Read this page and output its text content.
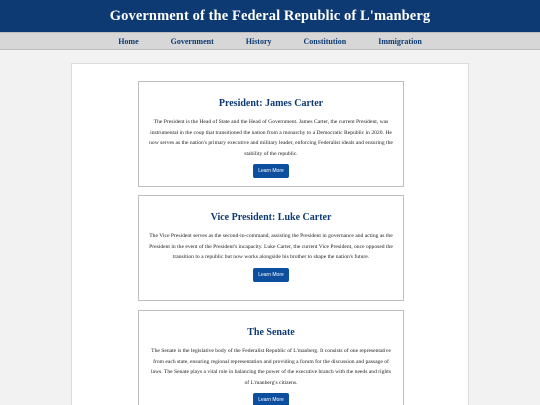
Government of the Federal Republic of L'manberg
Home	Government	History	Constitution	Immigration
President: James Carter

The President is the Head of State and the Head of Government. James Carter, the current President, was instrumental in the coup that transitioned the nation from a monarchy to a Democratic Republic in 2020. He now serves as the nation's primary executive and military leader, enforcing Federalist ideals and ensuring the stability of the republic.

Learn More
Vice President: Luke Carter

The Vice President serves as the second-in-command, assisting the President in governance and acting as the President in the event of the President's incapacity. Luke Carter, the current Vice President, once opposed the transition to a republic but now works alongside his brother to shape the nation's future.

Learn More
The Senate

The Senate is the legislative body of the Federalist Republic of L'manberg. It consists of one representative from each state, ensuring regional representation and providing a forum for the discussion and passage of laws. The Senate plays a vital role in balancing the power of the executive branch with the needs and rights of L'manberg's citizens.

Learn More
